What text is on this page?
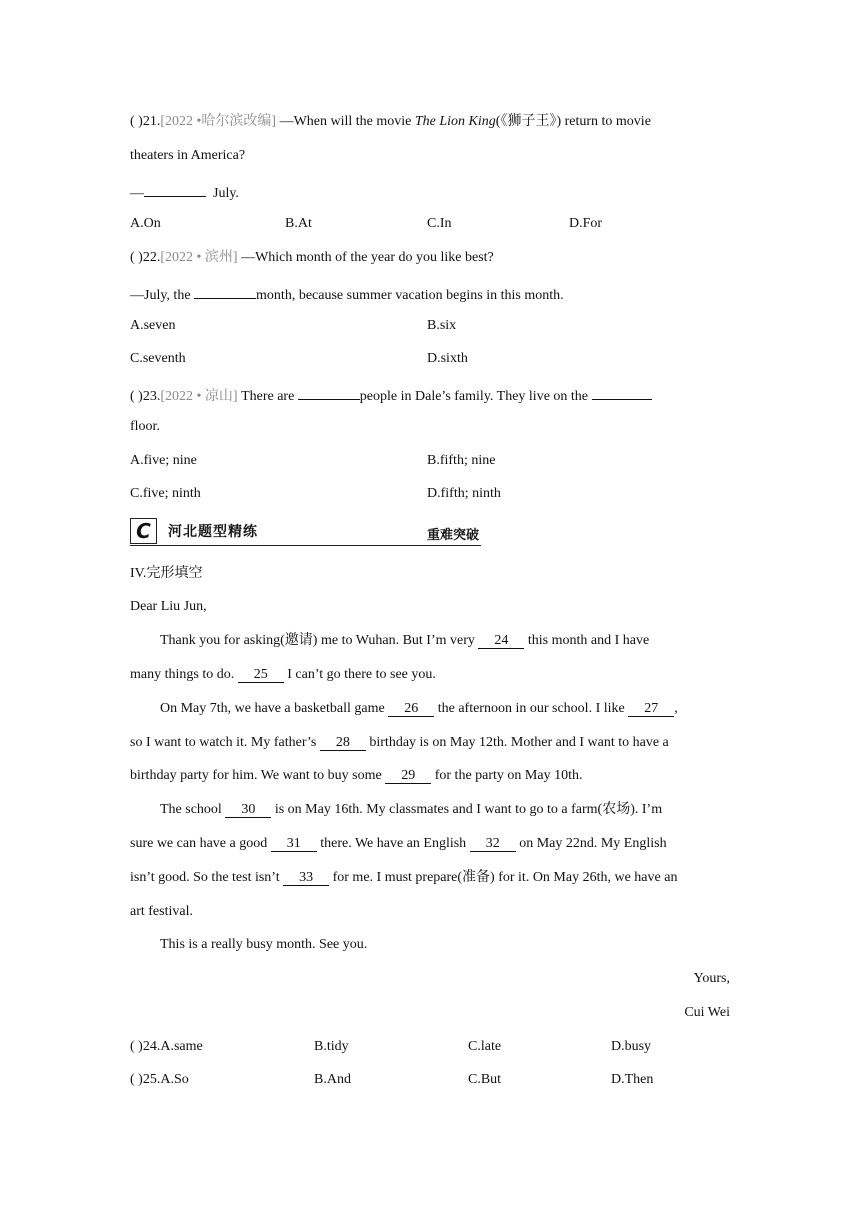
( )21.[2022 •哈尔滨改编] —When will the movie The Lion King(《狮子王》) return to movie
theaters in America?
—	July.
A.On	B.At	C.In	D.For
( )22.[2022 • 滨州] —Which month of the year do you like best?
—July, the	month, because summer vacation begins in this month.
A.seven	B.six
C.seventh	D.sixth
( )23.[2022 • 凉山] There are	people in Dale’s family. They live on the
floor.
A.five; nine	B.fifth; nine
C.five; ninth	D.fifth; ninth
C	河北题型精练	重难突破
IV.完形填空
Dear Liu Jun,
Thank you for asking(邀请) me to Wuhan. But I’m very 24 this month and I have
many things to do. 25 I can’t go there to see you.
On May 7th, we have a basketball game 26 the afternoon in our school. I like 27 ,
so I want to watch it. My father’s 28 birthday is on May 12th. Mother and I want to have a
birthday party for him. We want to buy some 29 for the party on May 10th.
The school 30 is on May 16th. My classmates and I want to go to a farm(农场). I’m
sure we can have a good 31 there. We have an English 32 on May 22nd. My English
isn’t good. So the test isn’t 33 for me. I must prepare(准备) for it. On May 26th, we have an
art festival.
This is a really busy month. See you.
Yours,
Cui Wei
( )24.A.same	B.tidy	C.late	D.busy
( )25.A.So	B.And	C.But	D.Then
